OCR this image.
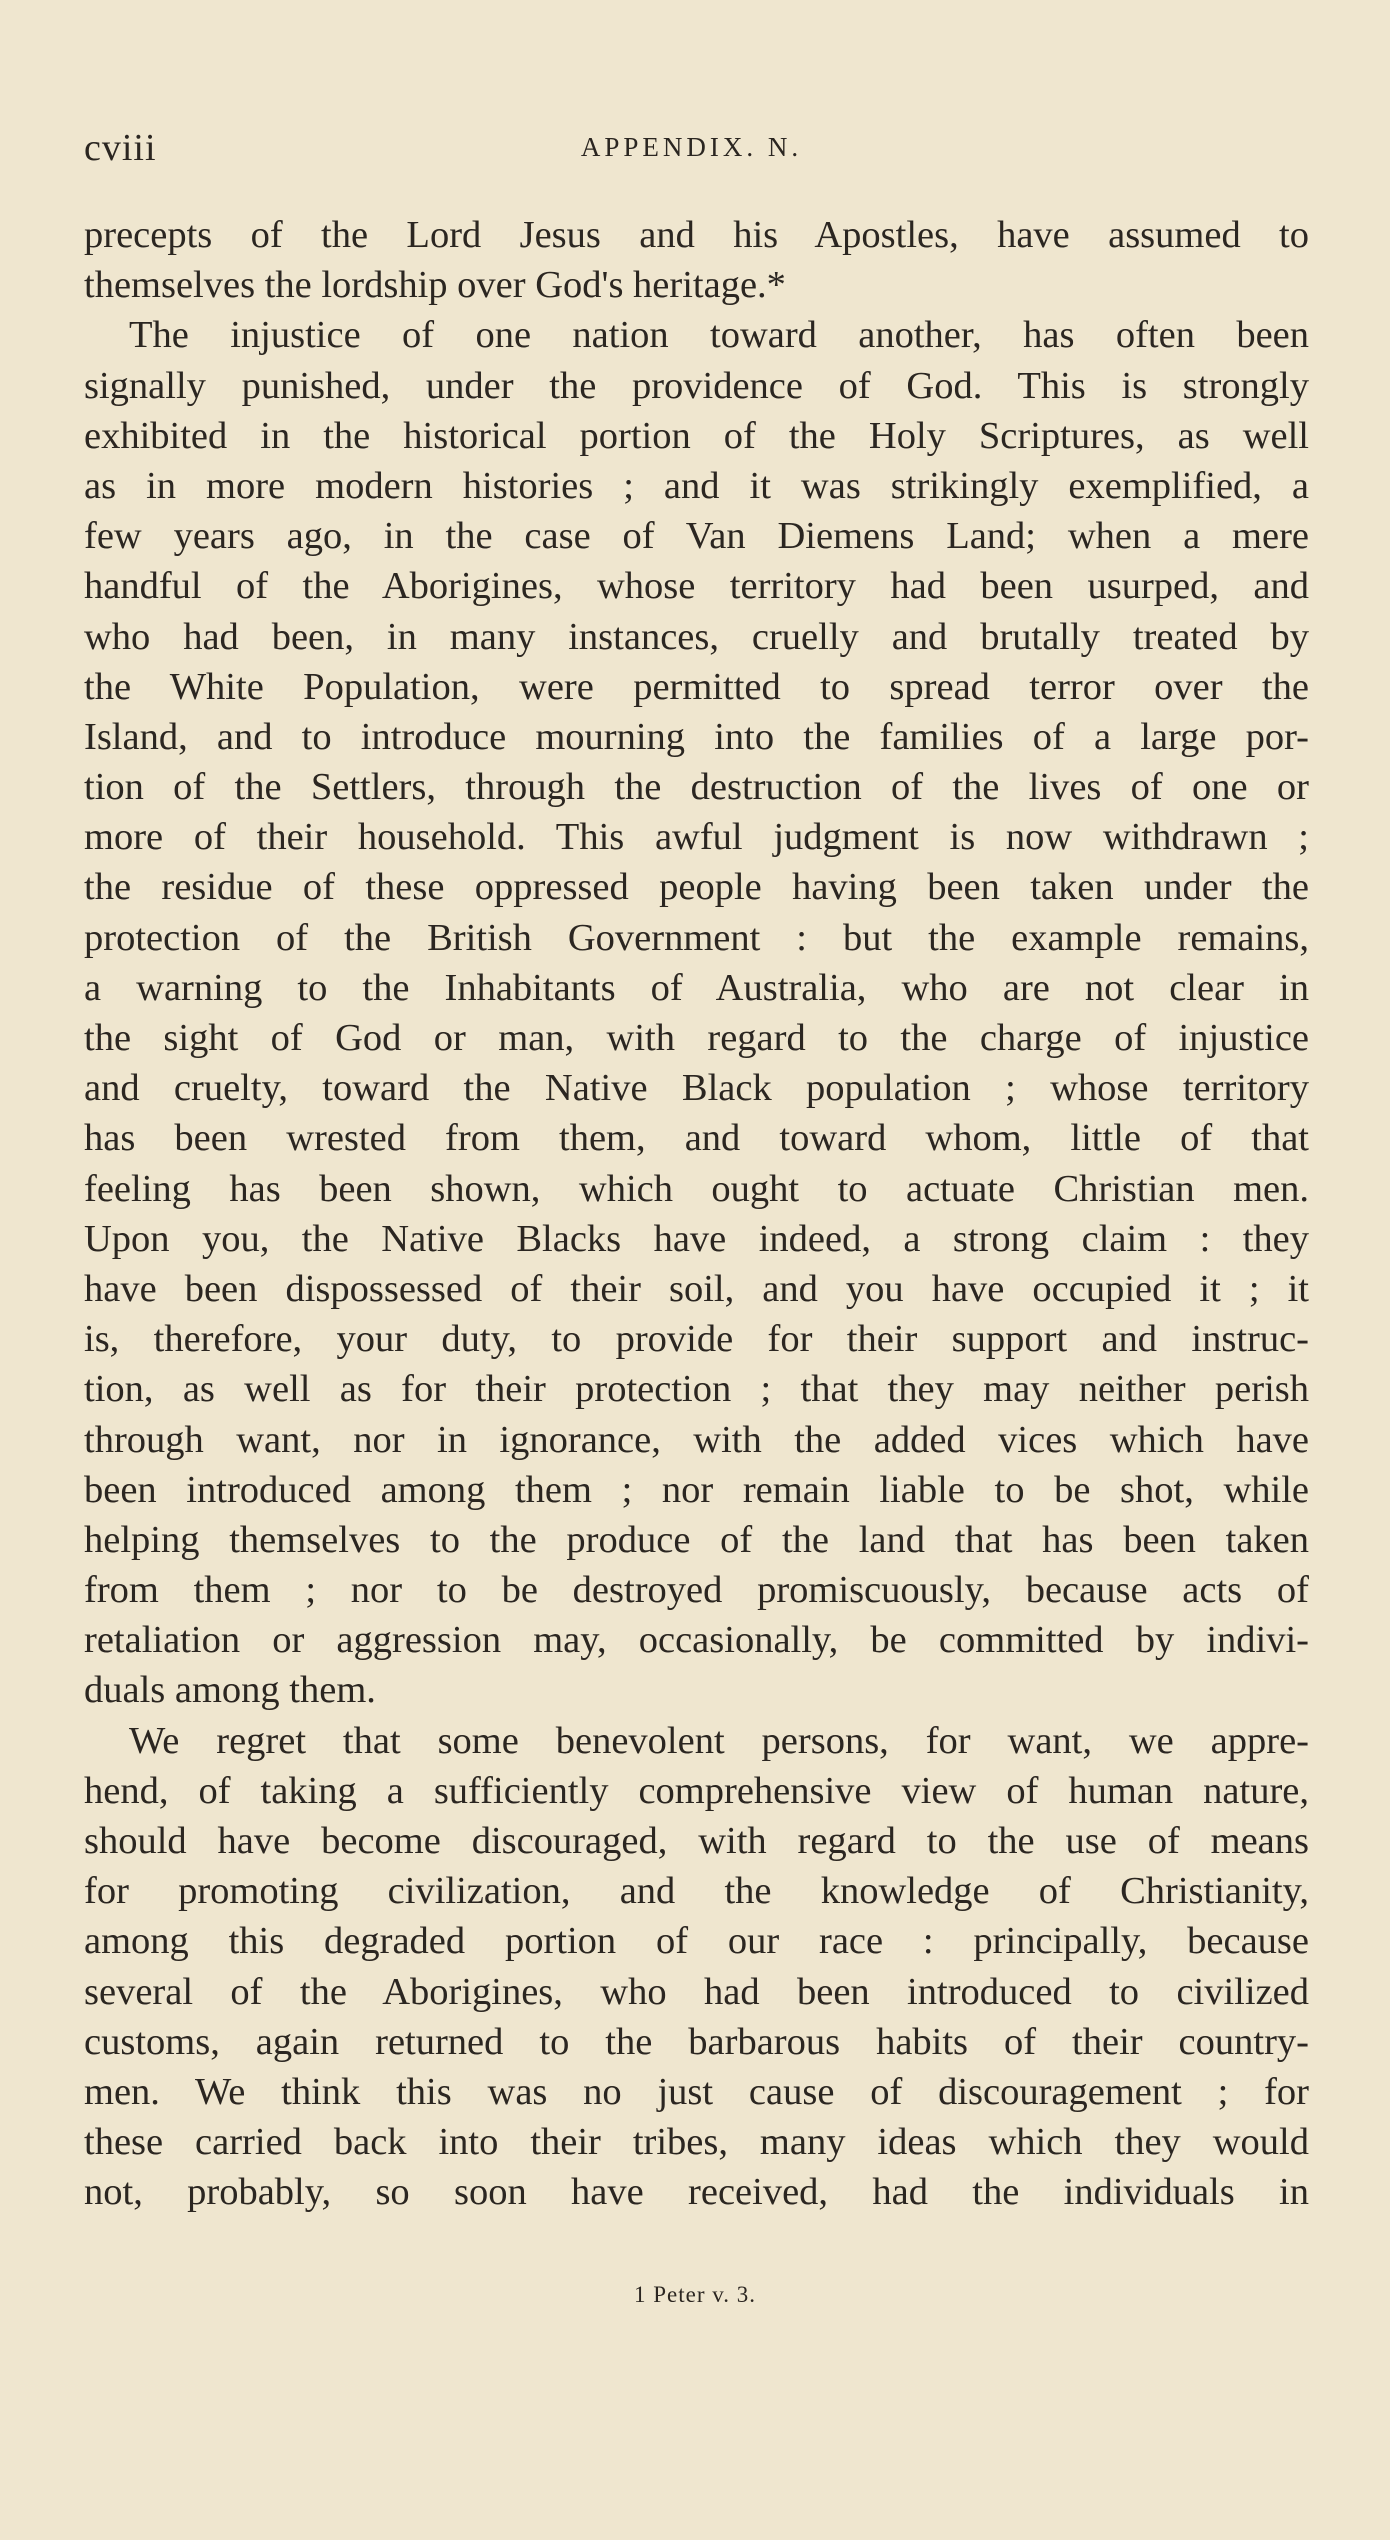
cviii	APPENDIX. N.
precepts of the Lord Jesus and his Apostles, have assumed to
themselves the lordship over God's heritage.*
The injustice of one nation toward another, has often been
signally punished, under the providence of God. This is strongly
exhibited in the historical portion of the Holy Scriptures, as well
as in more modern histories ; and it was strikingly exemplified, a
few years ago, in the case of Van Diemens Land; when a mere
handful of the Aborigines, whose territory had been usurped, and
who had been, in many instances, cruelly and brutally treated by
the White Population, were permitted to spread terror over the
Island, and to introduce mourning into the families of a large por-
tion of the Settlers, through the destruction of the lives of one or
more of their household. This awful judgment is now withdrawn ;
the residue of these oppressed people having been taken under the
protection of the British Government : but the example remains,
a warning to the Inhabitants of Australia, who are not clear in
the sight of God or man, with regard to the charge of injustice
and cruelty, toward the Native Black population ; whose territory
has been wrested from them, and toward whom, little of that
feeling has been shown, which ought to actuate Christian men.
Upon you, the Native Blacks have indeed, a strong claim : they
have been dispossessed of their soil, and you have occupied it ; it
is, therefore, your duty, to provide for their support and instruc-
tion, as well as for their protection ; that they may neither perish
through want, nor in ignorance, with the added vices which have
been introduced among them ; nor remain liable to be shot, while
helping themselves to the produce of the land that has been taken
from them ; nor to be destroyed promiscuously, because acts of
retaliation or aggression may, occasionally, be committed by indivi-
duals among them.
We regret that some benevolent persons, for want, we appre-
hend, of taking a sufficiently comprehensive view of human nature,
should have become discouraged, with regard to the use of means
for promoting civilization, and the knowledge of Christianity,
among this degraded portion of our race : principally, because
several of the Aborigines, who had been introduced to civilized
customs, again returned to the barbarous habits of their country-
men. We think this was no just cause of discouragement ; for
these carried back into their tribes, many ideas which they would
not, probably, so soon have received, had the individuals in
1 Peter v. 3.
